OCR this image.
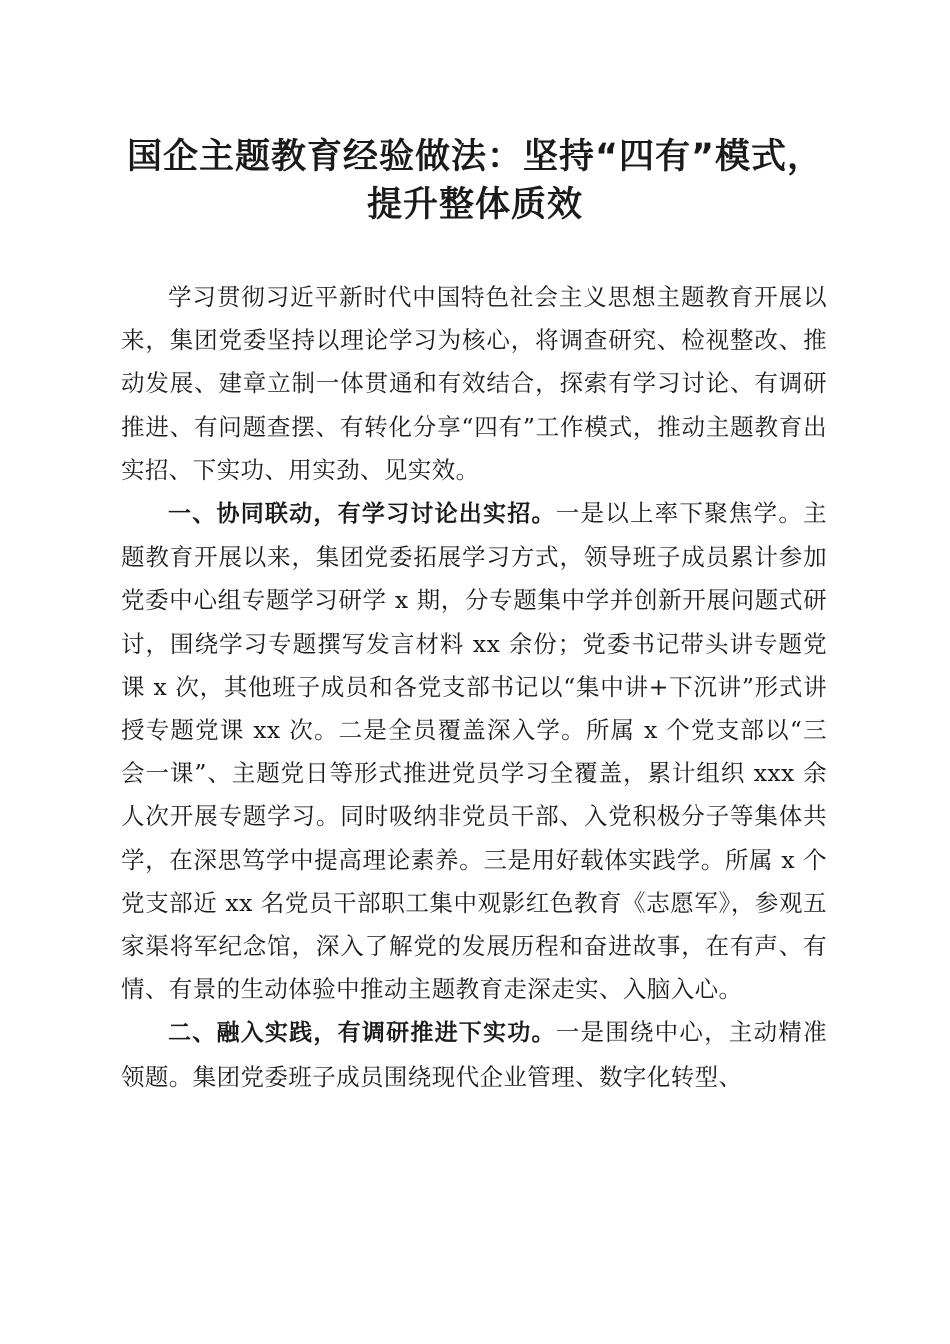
国企主题教育经验做法：坚持“四有”模式，
提升整体质效

学习贯彻习近平新时代中国特色社会主义思想主题教育开展以来，集团党委坚持以理论学习为核心，将调查研究、检视整改、推动发展、建章立制一体贯通和有效结合，探索有学习讨论、有调研推进、有问题查摆、有转化分享“四有”工作模式，推动主题教育出实招、下实功、用实劲、见实效。

一、协同联动，有学习讨论出实招。一是以上率下聚焦学。主题教育开展以来，集团党委拓展学习方式，领导班子成员累计参加党委中心组专题学习研学 x 期，分专题集中学并创新开展问题式研讨，围绕学习专题撰写发言材料 xx 余份；党委书记带头讲专题党课 x 次，其他班子成员和各党支部书记以“集中讲+下沉讲”形式讲授专题党课 xx 次。二是全员覆盖深入学。所属 x 个党支部以“三会一课”、主题党日等形式推进党员学习全覆盖，累计组织 xxx 余人次开展专题学习。同时吸纳非党员干部、入党积极分子等集体共学，在深思笃学中提高理论素养。三是用好载体实践学。所属 x 个党支部近 xx 名党员干部职工集中观影红色教育《志愿军》，参观五家渠将军纪念馆，深入了解党的发展历程和奋进故事，在有声、有情、有景的生动体验中推动主题教育走深走实、入脑入心。

二、融入实践，有调研推进下实功。一是围绕中心，主动精准领题。集团党委班子成员围绕现代企业管理、数字化转型、
